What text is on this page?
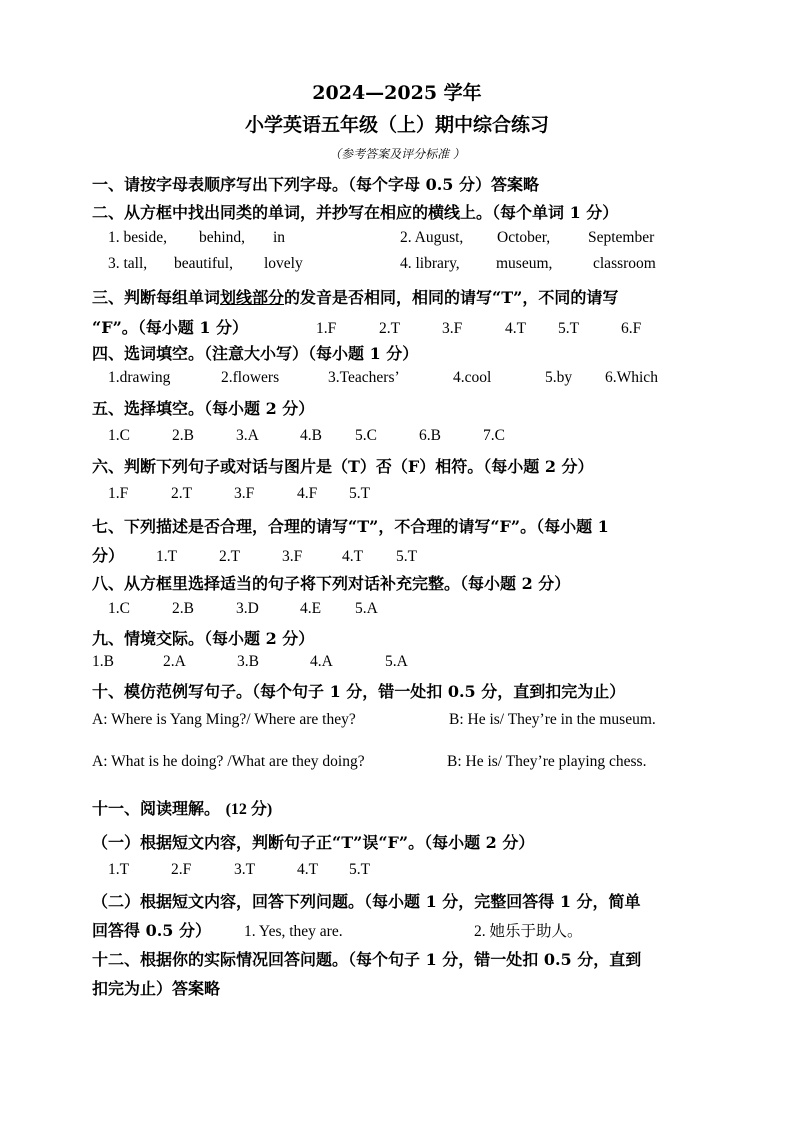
2024—2025 学年
小学英语五年级（上）期中综合练习
（参考答案及评分标准 ）
一、请按字母表顺序写出下列字母。（每个字母 0.5 分）答案略
二、从方框中找出同类的单词，并抄写在相应的横线上。（每个单词 1 分）
1. beside, behind, in	2. August, October, September
3. tall, beautiful, lovely	4. library, museum,	classroom
三、判断每组单词划线部分的发音是否相同，相同的请写“T”，不同的请写
“F”。（每小题 1 分）	1.F	2.T	3.F	4.T 5.T	6.F
四、选词填空。（注意大小写）（每小题 1 分）
1.drawing	2.flowers	3.Teachers’	4.cool	5.by 6.Which
五、选择填空。（每小题 2 分）
1.C	2.B	3.A	4.B 5.C	6.B	7.C
六、判断下列句子或对话与图片是（T）否（F）相符。（每小题 2 分）
1.F	2.T	3.F	4.F 5.T
七、下列描述是否合理，合理的请写“T”，不合理的请写“F”。（每小题 1
分） 1.T	2.T	3.F	4.T 5.T
八、从方框里选择适当的句子将下列对话补充完整。（每小题 2 分）
1.C	2.B	3.D	4.E 5.A
九、情境交际。（每小题 2 分）
1.B	2.A	3.B	4.A	5.A
十、模仿范例写句子。（每个句子 1 分，错一处扣 0.5 分，直到扣完为止）
A: Where is Yang Ming?/ Where are they?	B: He is/ They’re in the museum.
A: What is he doing? /What are they doing?	B: He is/ They’re playing chess.
十一、阅读理解。 (12 分)
（一）根据短文内容，判断句子正“T”误“F”。（每小题 2 分）
1.T	2.F	3.T	4.T 5.T
（二）根据短文内容，回答下列问题。（每小题 1 分，完整回答得 1 分，简单
回答得 0.5 分） 1. Yes, they are.	2. 她乐于助人。
十二、根据你的实际情况回答问题。（每个句子 1 分，错一处扣 0.5 分，直到
扣完为止）答案略
